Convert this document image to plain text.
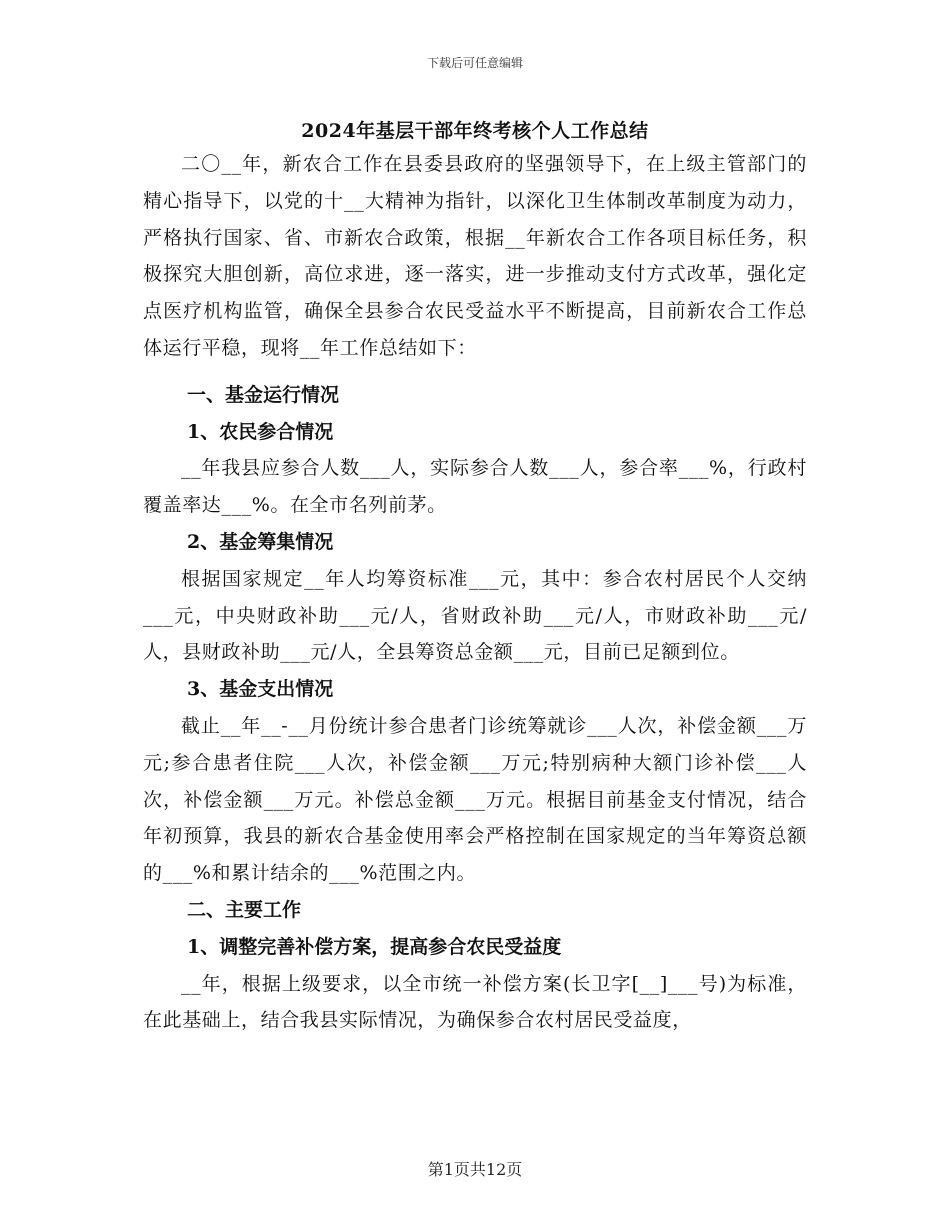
下载后可任意编辑
2024年基层干部年终考核个人工作总结

二〇__年，新农合工作在县委县政府的坚强领导下，在上级主管部门的精心指导下，以党的十__大精神为指针，以深化卫生体制改革制度为动力，严格执行国家、省、市新农合政策，根据__年新农合工作各项目标任务，积极探究大胆创新，高位求进，逐一落实，进一步推动支付方式改革，强化定点医疗机构监管，确保全县参合农民受益水平不断提高，目前新农合工作总体运行平稳，现将__年工作总结如下：

一、基金运行情况

1、农民参合情况

__年我县应参合人数___人，实际参合人数___人，参合率___%，行政村覆盖率达___%。在全市名列前茅。

2、基金筹集情况

根据国家规定__年人均筹资标准___元，其中：参合农村居民个人交纳___元，中央财政补助___元/人，省财政补助___元/人，市财政补助___元/人，县财政补助___元/人，全县筹资总金额___元，目前已足额到位。

3、基金支出情况

截止__年__-__月份统计参合患者门诊统筹就诊___人次，补偿金额___万元;参合患者住院___人次，补偿金额___万元;特别病种大额门诊补偿___人次，补偿金额___万元。补偿总金额___万元。根据目前基金支付情况，结合年初预算，我县的新农合基金使用率会严格控制在国家规定的当年筹资总额的___%和累计结余的___%范围之内。

二、主要工作

1、调整完善补偿方案，提高参合农民受益度

__年，根据上级要求，以全市统一补偿方案(长卫字[__]___号)为标准，在此基础上，结合我县实际情况，为确保参合农村居民受益度，

第1页共12页
